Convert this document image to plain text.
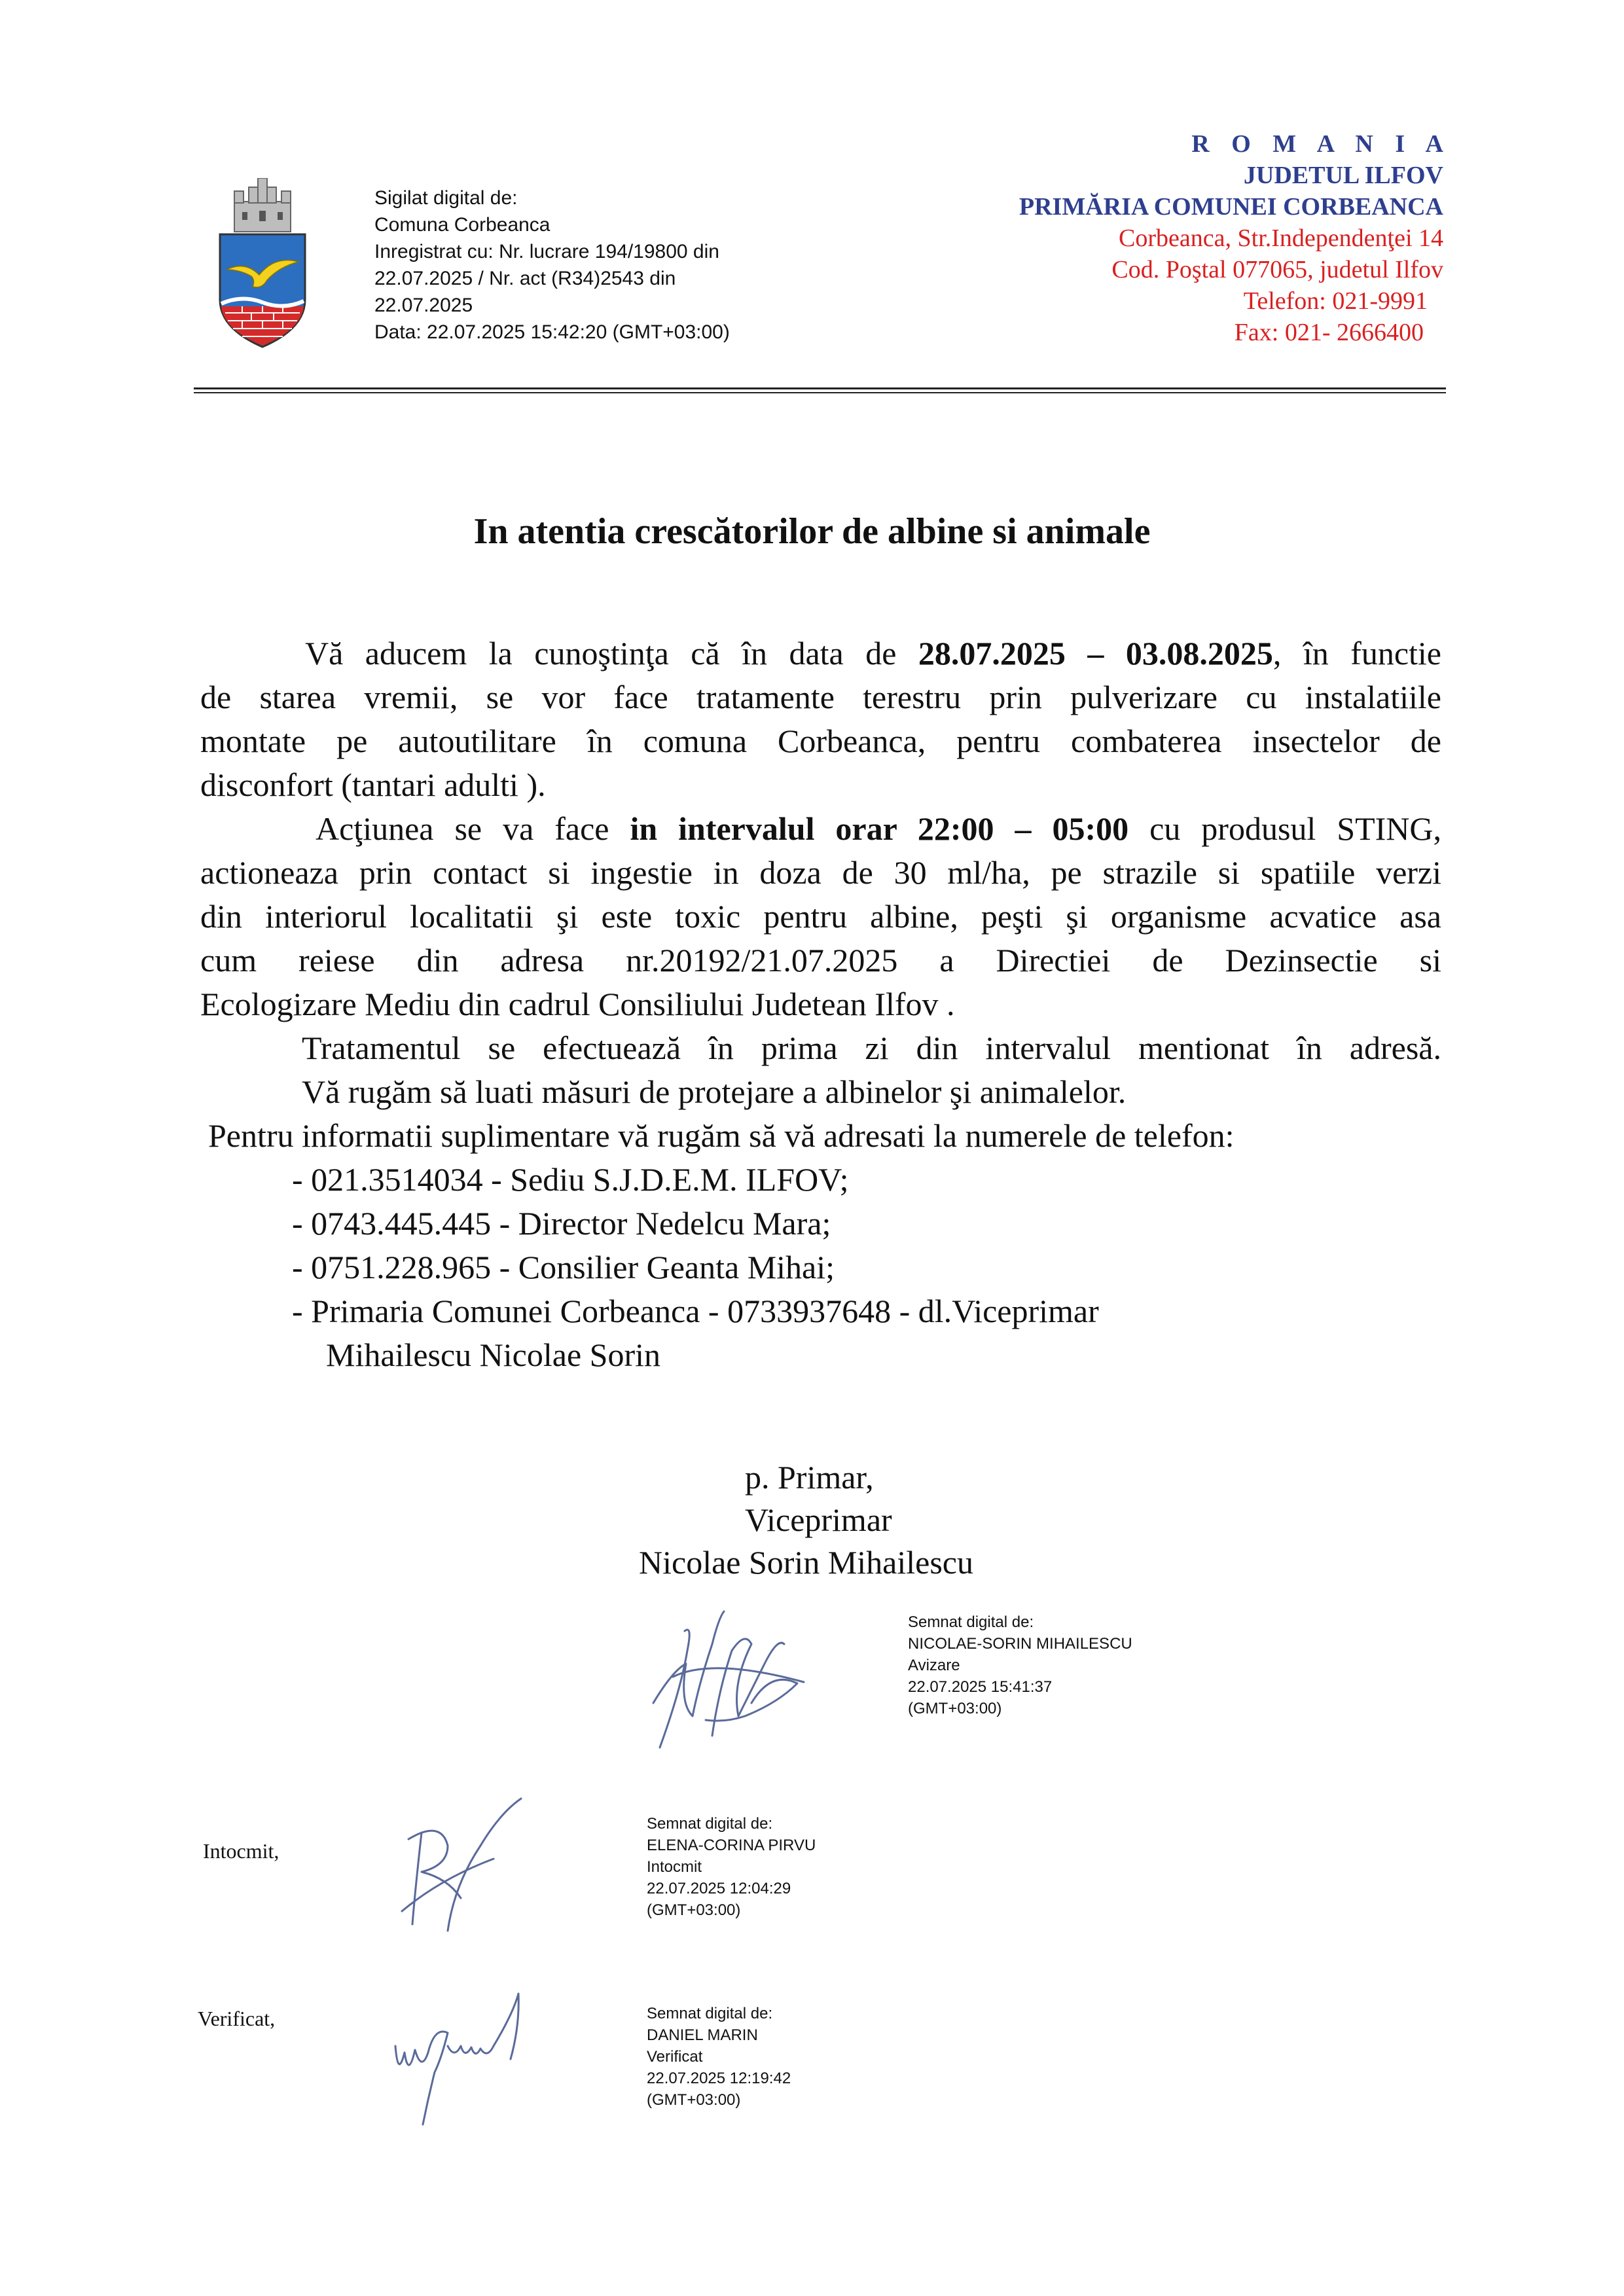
Sigilat digital de:
Comuna Corbeanca
Inregistrat cu: Nr. lucrare 194/19800 din
22.07.2025 / Nr. act (R34)2543 din
22.07.2025
Data: 22.07.2025 15:42:20 (GMT+03:00)
R O M A N I A
JUDETUL ILFOV
PRIMĂRIA COMUNEI CORBEANCA
Corbeanca, Str.Independenţei 14
Cod. Poştal 077065, judetul Ilfov
Telefon: 021-9991
Fax: 021- 2666400
In atentia crescătorilor de albine si animale

Vă aducem la cunoştinţa că în data de 28.07.2025 – 03.08.2025, în functie

de starea vremii, se vor face tratamente terestru prin pulverizare cu instalatiile

montate pe autoutilitare în comuna Corbeanca, pentru combaterea insectelor de

disconfort (tantari adulti ).

Acţiunea se va face in intervalul orar 22:00 – 05:00 cu produsul STING,

actioneaza prin contact si ingestie in doza de 30 ml/ha, pe strazile si spatiile verzi

din interiorul localitatii şi este toxic pentru albine, peşti şi organisme acvatice asa

cum reiese din adresa nr.20192/21.07.2025 a Directiei de Dezinsectie si

Ecologizare Mediu din cadrul Consiliului Judetean Ilfov .

Tratamentul se efectuează în prima zi din intervalul mentionat în adresă.

Vă rugăm să luati măsuri de protejare a albinelor şi animalelor.

Pentru informatii suplimentare vă rugăm să vă adresati la numerele de telefon:

- 021.3514034 - Sediu S.J.D.E.M. ILFOV;

- 0743.445.445 - Director Nedelcu Mara;

- 0751.228.965 - Consilier Geanta Mihai;

- Primaria Comunei Corbeanca - 0733937648 - dl.Viceprimar

Mihailescu Nicolae Sorin

p. Primar,
Viceprimar
Nicolae Sorin Mihailescu
Semnat digital de:
NICOLAE-SORIN MIHAILESCU
Avizare
22.07.2025 15:41:37
(GMT+03:00)
Intocmit,
Semnat digital de:
ELENA-CORINA PIRVU
Intocmit
22.07.2025 12:04:29
(GMT+03:00)
Verificat,	Semnat digital de:
DANIEL MARIN
Verificat
22.07.2025 12:19:42
(GMT+03:00)
